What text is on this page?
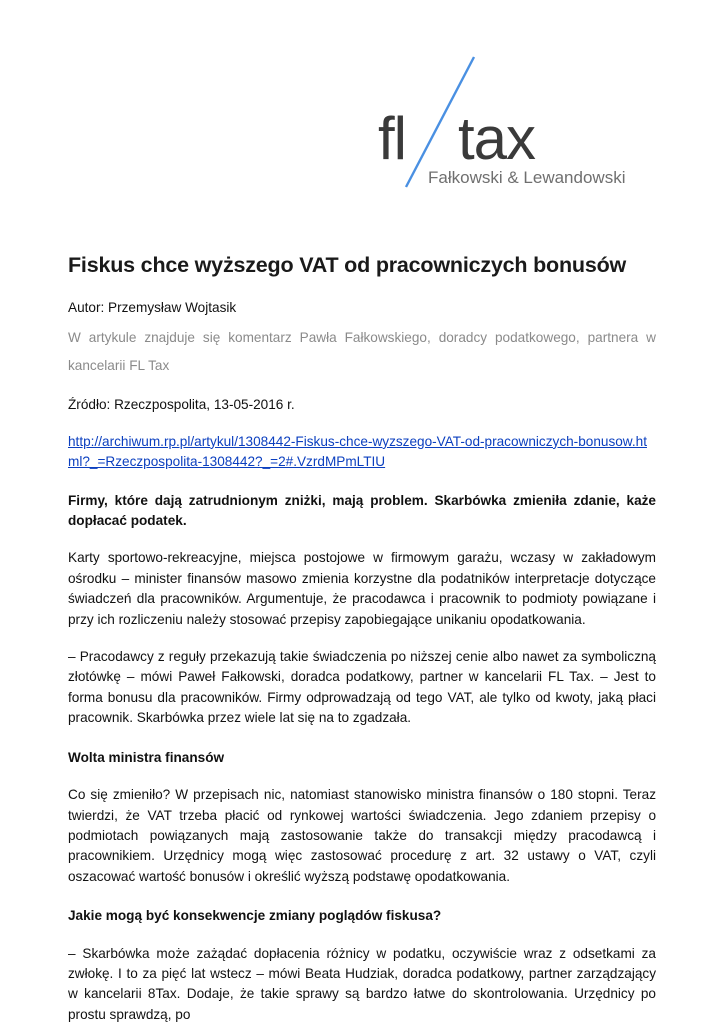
fl tax
Fałkowski & Lewandowski
Fiskus chce wyższego VAT od pracowniczych bonusów

Autor: Przemysław Wojtasik

W artykule znajduje się komentarz Pawła Fałkowskiego, doradcy podatkowego, partnera w kancelarii FL Tax

Źródło: Rzeczpospolita, 13-05-2016 r.

http://archiwum.rp.pl/artykul/1308442-Fiskus-chce-wyzszego-VAT-od-pracowniczych-bonusow.html?_=Rzeczpospolita-1308442?_=2#.VzrdMPmLTIU

Firmy, które dają zatrudnionym zniżki, mają problem. Skarbówka zmieniła zdanie, każe dopłacać podatek.

Karty sportowo-rekreacyjne, miejsca postojowe w firmowym garażu, wczasy w zakładowym ośrodku – minister finansów masowo zmienia korzystne dla podatników interpretacje dotyczące świadczeń dla pracowników. Argumentuje, że pracodawca i pracownik to podmioty powiązane i przy ich rozliczeniu należy stosować przepisy zapobiegające unikaniu opodatkowania.

– Pracodawcy z reguły przekazują takie świadczenia po niższej cenie albo nawet za symboliczną złotówkę – mówi Paweł Fałkowski, doradca podatkowy, partner w kancelarii FL Tax. – Jest to forma bonusu dla pracowników. Firmy odprowadzają od tego VAT, ale tylko od kwoty, jaką płaci pracownik. Skarbówka przez wiele lat się na to zgadzała.

Wolta ministra finansów

Co się zmieniło? W przepisach nic, natomiast stanowisko ministra finansów o 180 stopni. Teraz twierdzi, że VAT trzeba płacić od rynkowej wartości świadczenia. Jego zdaniem przepisy o podmiotach powiązanych mają zastosowanie także do transakcji między pracodawcą i pracownikiem. Urzędnicy mogą więc zastosować procedurę z art. 32 ustawy o VAT, czyli oszacować wartość bonusów i określić wyższą podstawę opodatkowania.

Jakie mogą być konsekwencje zmiany poglądów fiskusa?

– Skarbówka może zażądać dopłacenia różnicy w podatku, oczywiście wraz z odsetkami za zwłokę. I to za pięć lat wstecz – mówi Beata Hudziak, doradca podatkowy, partner zarządzający w kancelarii 8Tax. Dodaje, że takie sprawy są bardzo łatwe do skontrolowania. Urzędnicy po prostu sprawdzą, po
